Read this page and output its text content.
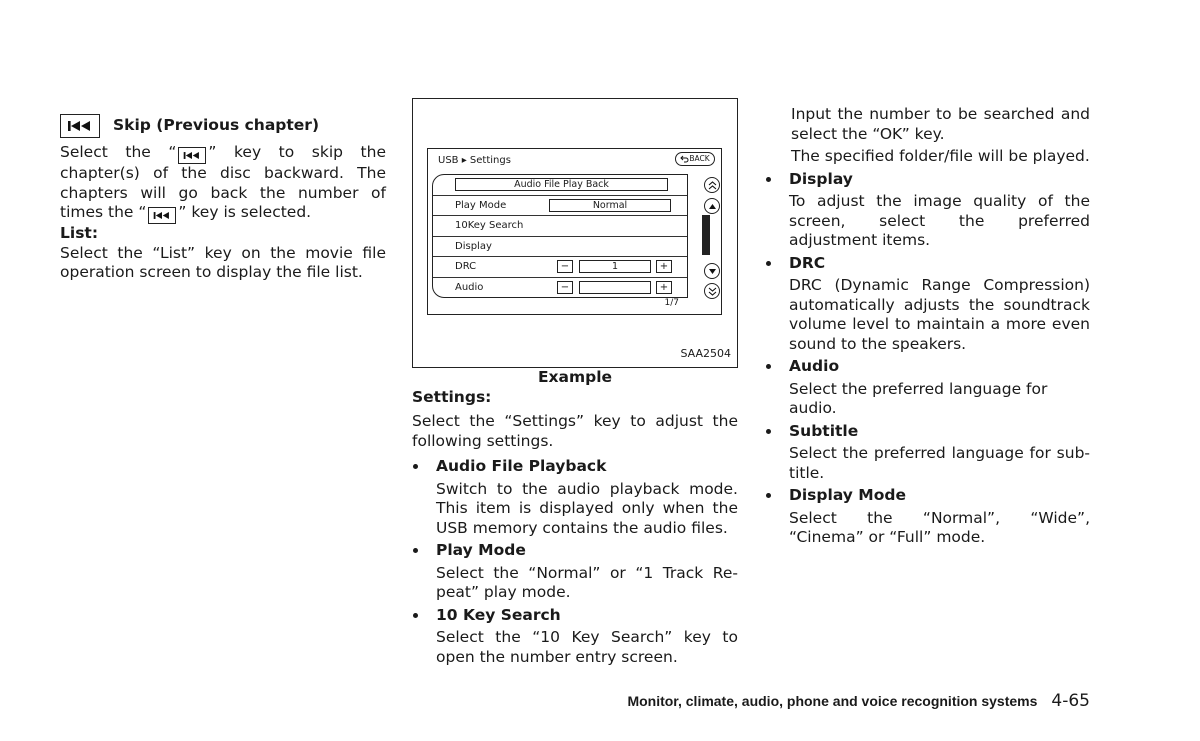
Skip (Previous chapter)

Select the “ ” key to skip the chapter(s) of the disc backward. The chapters will go back the number of times the “ ” key is selected.

List:

Select the “List” key on the movie file operation screen to display the file list.

USB ▸ Settings	BACK
Audio File Play Back
Play Mode	Normal
10Key Search
Display
DRC	−	1	+
Audio	−	+
1/7
SAA2504

Example

Settings:

Select the “Settings” key to adjust the following settings.

Audio File Playback
Switch to the audio playback mode. This item is displayed only when the USB memory contains the audio files.
Play Mode
Select the “Normal” or “1 Track Re-peat” play mode.
10 Key Search
Select the “10 Key Search” key to open the number entry screen.

Input the number to be searched and select the “OK” key.

The specified folder/file will be played.

Display
To adjust the image quality of the screen, select the preferred adjustment items.
DRC
DRC (Dynamic Range Compression) automatically adjusts the soundtrack volume level to maintain a more even sound to the speakers.
Audio
Select the preferred language for audio.
Subtitle
Select the preferred language for sub-title.
Display Mode
Select the “Normal”, “Wide”, “Cinema” or “Full” mode.
Monitor, climate, audio, phone and voice recognition systems 4-65
